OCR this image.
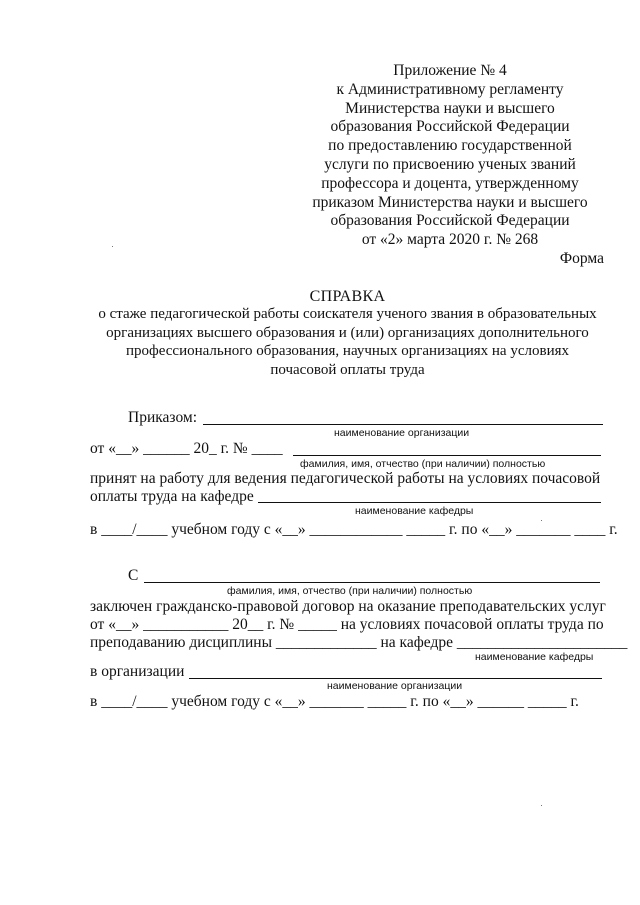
Приложение № 4
к Административному регламенту
Министерства науки и высшего
образования Российской Федерации
по предоставлению государственной
услуги по присвоению ученых званий
профессора и доцента, утвержденному
приказом Министерства науки и высшего
образования Российской Федерации
от «2» марта 2020 г. № 268
Форма
СПРАВКА
о стаже педагогической работы соискателя ученого звания в образовательных
организациях высшего образования и (или) организациях дополнительного
профессионального образования, научных организациях на условиях
почасовой оплаты труда
Приказом:
наименование организации
от «__» ______ 20_ г. № ____
фамилия, имя, отчество (при наличии) полностью
принят на работу для ведения педагогической работы на условиях почасовой
оплаты труда на кафедре
наименование кафедры
в ____/____ учебном году с «__» ____________ _____ г. по «__» _______ ____ г.
С
фамилия, имя, отчество (при наличии) полностью
заключен гражданско-правовой договор на оказание преподавательских услуг
от «__» ___________ 20__ г. № _____ на условиях почасовой оплаты труда по
преподаванию дисциплины _____________ на кафедре ______________________
наименование кафедры
в организации
наименование организации
в ____/____ учебном году с «__» _______ _____ г. по «__» ______ _____ г.
